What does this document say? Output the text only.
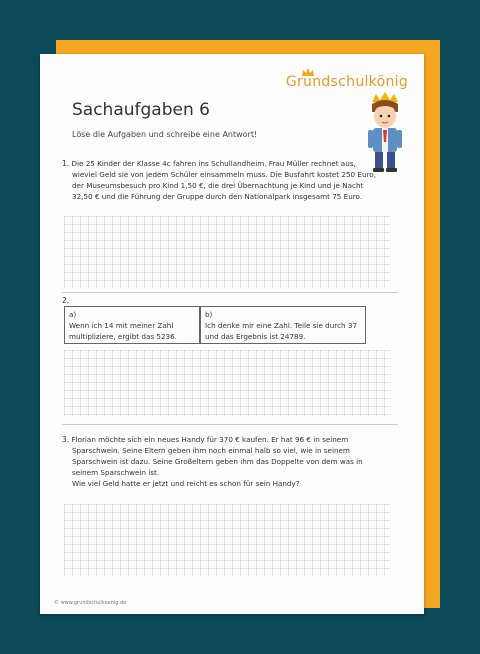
Grundschulkönig
Sachaufgaben 6
Löse die Aufgaben und schreibe eine Antwort!
1. Die 25 Kinder der Klasse 4c fahren ins Schullandheim. Frau Müller rechnet aus,
wieviel Geld sie von jedem Schüler einsammeln muss. Die Busfahrt kostet 250 Euro,
der Museumsbesuch pro Kind 1,50 €, die drei Übernachtung je Kind und je Nacht
32,50 € und die Führung der Gruppe durch den Nationalpark insgesamt 75 Euro.
2.
a)
Wenn ich 14 mit meiner Zahl
multipliziere, ergibt das 5236.
b)
Ich denke mir eine Zahl. Teile sie durch 37
und das Ergebnis ist 24789.
3. Florian möchte sich ein neues Handy für 370 € kaufen. Er hat 96 € in seinem
Sparschwein. Seine Eltern geben ihm noch einmal halb so viel, wie in seinem
Sparschwein ist dazu. Seine Großeltern geben ihm das Doppelte von dem was in
seinem Sparschwein ist.
Wie viel Geld hatte er jetzt und reicht es schon für sein Handy?
© www.grundschulkoenig.de
